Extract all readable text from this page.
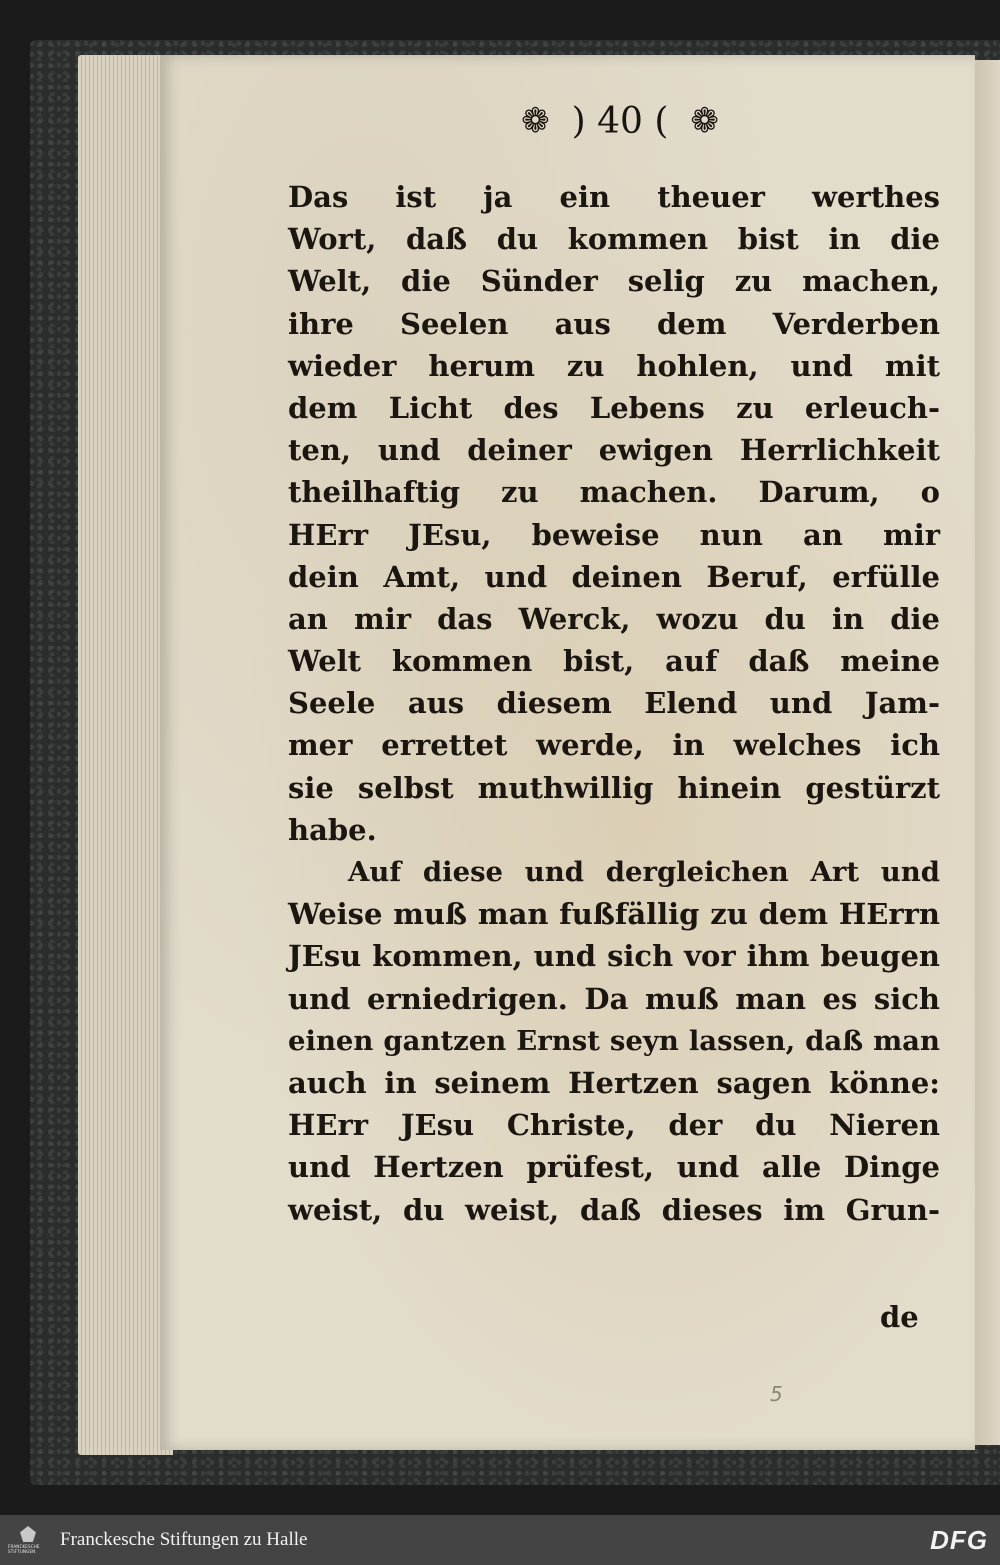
❁ ) 40 ( ❁
Das ist ja ein theuer werthes
Wort, daß du kommen bist in die
Welt, die Sünder selig zu machen,
ihre Seelen aus dem Verderben
wieder herum zu hohlen, und mit
dem Licht des Lebens zu erleuch-
ten, und deiner ewigen Herrlichkeit
theilhaftig zu machen. Darum, o
HErr JEsu, beweise nun an mir
dein Amt, und deinen Beruf, erfülle
an mir das Werck, wozu du in die
Welt kommen bist, auf daß meine
Seele aus diesem Elend und Jam-
mer errettet werde, in welches ich
sie selbst muthwillig hinein gestürzt
habe.
Auf diese und dergleichen Art und
Weise muß man fußfällig zu dem HErrn
JEsu kommen, und sich vor ihm beugen
und erniedrigen. Da muß man es sich
einen gantzen Ernst seyn lassen, daß man
auch in seinem Hertzen sagen könne:
HErr JEsu Christe, der du Nieren
und Hertzen prüfest, und alle Dinge
weist, du weist, daß dieses im Grun-
de
5
FRANCKESCHE STIFTUNGEN
Franckesche Stiftungen zu Halle	DFG
